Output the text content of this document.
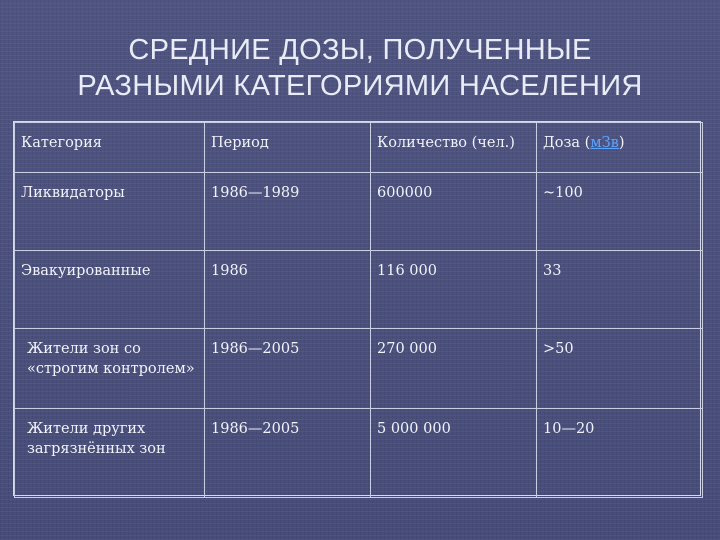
СРЕДНИЕ ДОЗЫ, ПОЛУЧЕННЫЕ
РАЗНЫМИ КАТЕГОРИЯМИ НАСЕЛЕНИЯ
Категория	Период	Количество (чел.)	Доза (мЗв)
Ликвидаторы	1986—1989	600000	~100
Эвакуированные	1986	116 000	33
Жители зон со «строгим контролем»	1986—2005	270 000	>50
Жители других загрязнённых зон	1986—2005	5 000 000	10—20
